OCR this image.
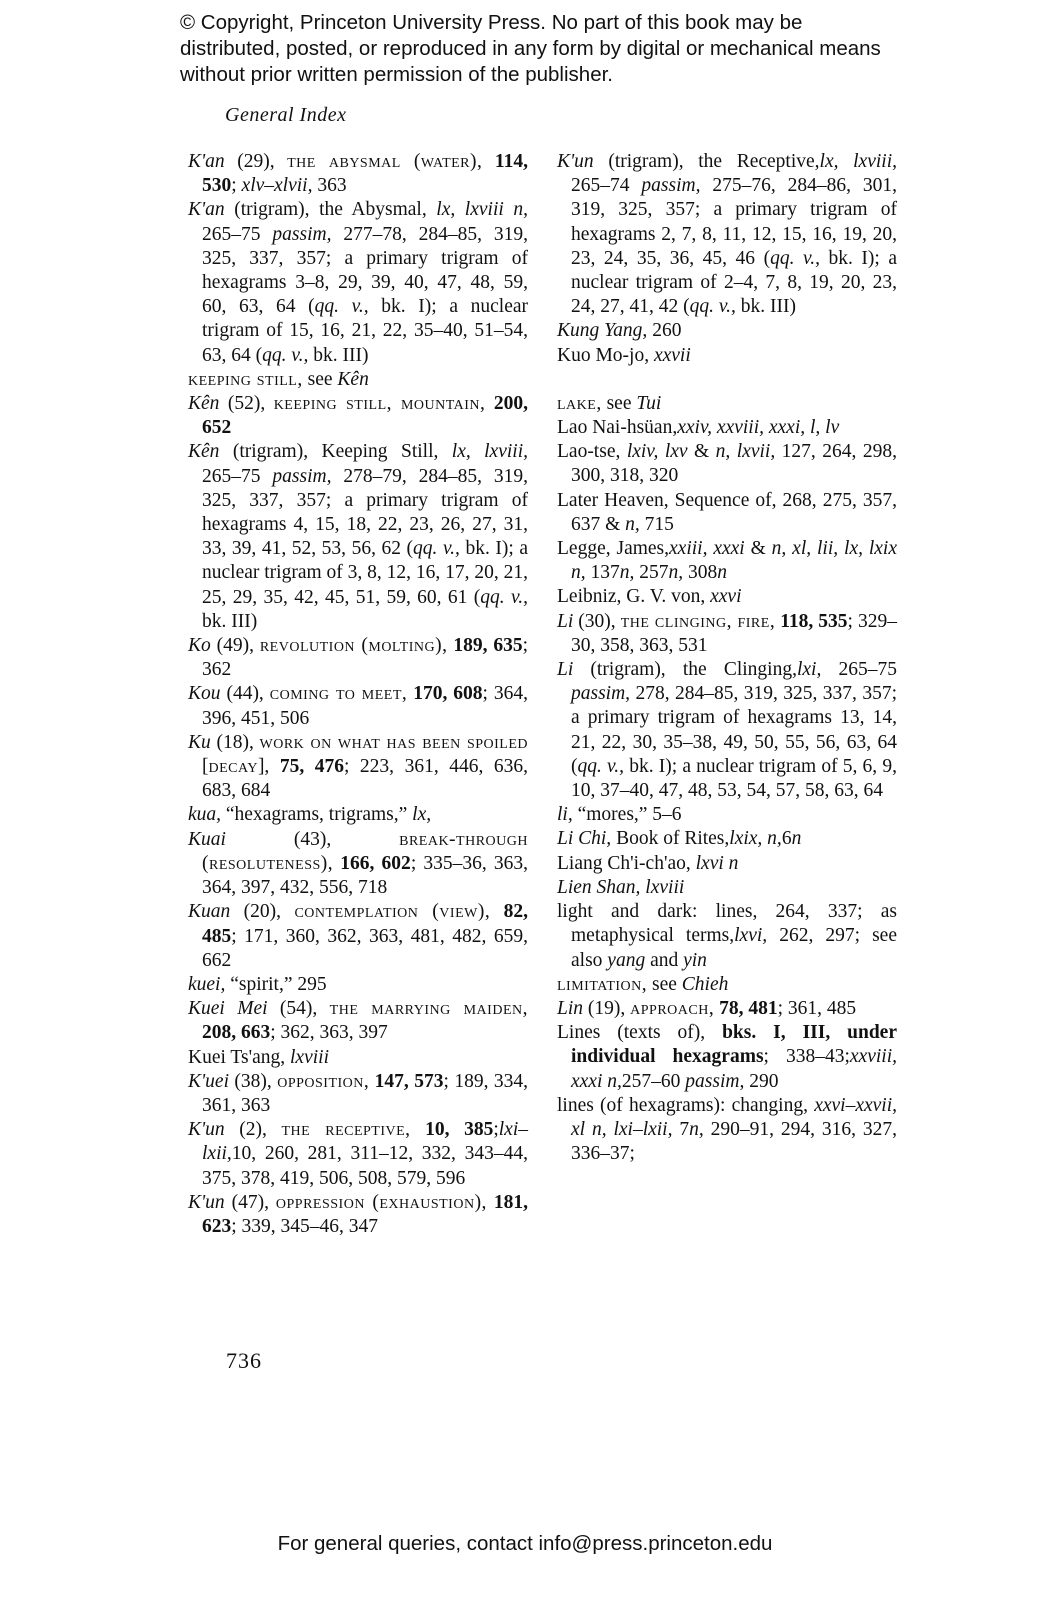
© Copyright, Princeton University Press. No part of this book may be distributed, posted, or reproduced in any form by digital or mechanical means without prior written permission of the publisher.
General Index
K'an (29), the abysmal (water), 114, 530; xlv–xlvii, 363
K'an (trigram), the Abysmal, lx, lxviii n, 265–75 passim, 277–78, 284–85, 319, 325, 337, 357; a primary trigram of hexagrams 3–8, 29, 39, 40, 47, 48, 59, 60, 63, 64 (qq. v., bk. I); a nuclear trigram of 15, 16, 21, 22, 35–40, 51–54, 63, 64 (qq. v., bk. III)
keeping still, see Kên
Kên (52), keeping still, mountain, 200, 652
Kên (trigram), Keeping Still, lx, lxviii, 265–75 passim, 278–79, 284–85, 319, 325, 337, 357; a primary trigram of hexagrams 4, 15, 18, 22, 23, 26, 27, 31, 33, 39, 41, 52, 53, 56, 62 (qq. v., bk. I); a nuclear trigram of 3, 8, 12, 16, 17, 20, 21, 25, 29, 35, 42, 45, 51, 59, 60, 61 (qq. v., bk. III)
Ko (49), revolution (molting), 189, 635; 362
Kou (44), coming to meet, 170, 608; 364, 396, 451, 506
Ku (18), work on what has been spoiled [decay], 75, 476; 223, 361, 446, 636, 683, 684
kua, “hexagrams, trigrams,” lx,
Kuai (43), break-through (resoluteness), 166, 602; 335–36, 363, 364, 397, 432, 556, 718
Kuan (20), contemplation (view), 82, 485; 171, 360, 362, 363, 481, 482, 659, 662
kuei, “spirit,” 295
Kuei Mei (54), the marrying maiden, 208, 663; 362, 363, 397
Kuei Ts'ang, lxviii
K'uei (38), opposition, 147, 573; 189, 334, 361, 363
K'un (2), the receptive, 10, 385;lxi–lxii,10, 260, 281, 311–12, 332, 343–44, 375, 378, 419, 506, 508, 579, 596
K'un (47), oppression (exhaustion), 181, 623; 339, 345–46, 347
K'un (trigram), the Receptive,lx, lxviii, 265–74 passim, 275–76, 284–86, 301, 319, 325, 357; a primary trigram of hexagrams 2, 7, 8, 11, 12, 15, 16, 19, 20, 23, 24, 35, 36, 45, 46 (qq. v., bk. I); a nuclear trigram of 2–4, 7, 8, 19, 20, 23, 24, 27, 41, 42 (qq. v., bk. III)
Kung Yang, 260
Kuo Mo-jo, xxvii
lake, see Tui
Lao Nai-hsüan,xxiv, xxviii, xxxi, l, lv
Lao-tse, lxiv, lxv & n, lxvii, 127, 264, 298, 300, 318, 320
Later Heaven, Sequence of, 268, 275, 357, 637 & n, 715
Legge, James,xxiii, xxxi & n, xl, lii, lx, lxix n, 137n, 257n, 308n
Leibniz, G. V. von, xxvi
Li (30), the clinging, fire, 118, 535; 329–30, 358, 363, 531
Li (trigram), the Clinging,lxi, 265–75 passim, 278, 284–85, 319, 325, 337, 357; a primary trigram of hexagrams 13, 14, 21, 22, 30, 35–38, 49, 50, 55, 56, 63, 64 (qq. v., bk. I); a nuclear trigram of 5, 6, 9, 10, 37–40, 47, 48, 53, 54, 57, 58, 63, 64
li, “mores,” 5–6
Li Chi, Book of Rites,lxix, n,6n
Liang Ch'i-ch'ao, lxvi n
Lien Shan, lxviii
light and dark: lines, 264, 337; as metaphysical terms,lxvi, 262, 297; see also yang and yin
limitation, see Chieh
Lin (19), approach, 78, 481; 361, 485
Lines (texts of), bks. I, III, under individual hexagrams; 338–43;xxviii, xxxi n,257–60 passim, 290
lines (of hexagrams): changing, xxvi–xxvii, xl n, lxi–lxii, 7n, 290–91, 294, 316, 327, 336–37;
736
For general queries, contact info@press.princeton.edu
